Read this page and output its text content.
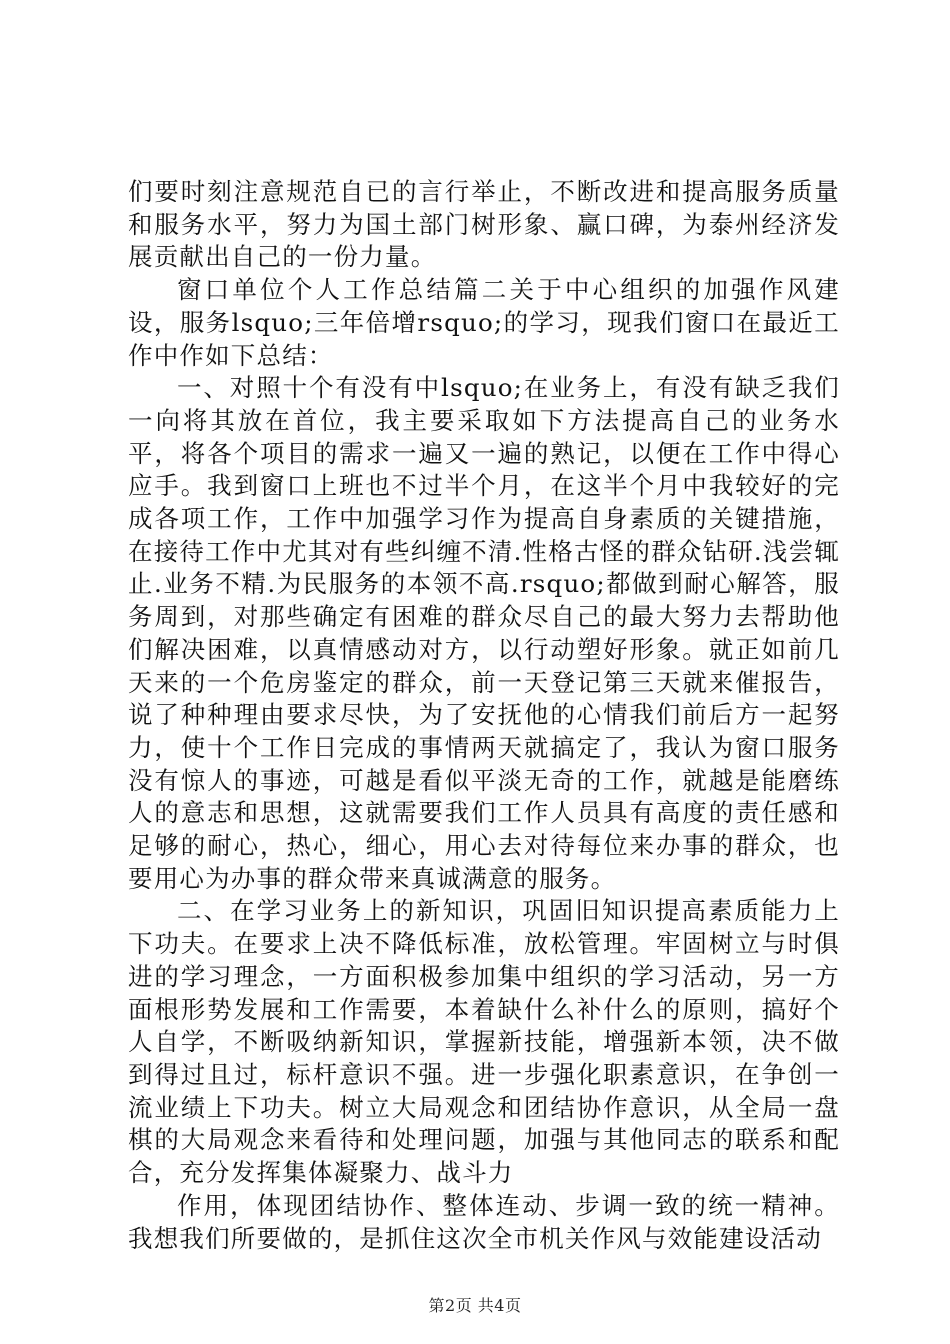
们要时刻注意规范自已的言行举止，不断改进和提高服务质量和服务水平，努力为国土部门树形象、赢口碑，为泰州经济发展贡献出自己的一份力量。

窗口单位个人工作总结篇二关于中心组织的加强作风建设，服务lsquo;三年倍增rsquo;的学习，现我们窗口在最近工作中作如下总结：

一、对照十个有没有中lsquo;在业务上，有没有缺乏我们一向将其放在首位，我主要采取如下方法提高自己的业务水平，将各个项目的需求一遍又一遍的熟记，以便在工作中得心应手。我到窗口上班也不过半个月，在这半个月中我较好的完成各项工作，工作中加强学习作为提高自身素质的关键措施，在接待工作中尤其对有些纠缠不清.性格古怪的群众钻研.浅尝辄止.业务不精.为民服务的本领不高.rsquo;都做到耐心解答，服务周到，对那些确定有困难的群众尽自己的最大努力去帮助他们解决困难，以真情感动对方，以行动塑好形象。就正如前几天来的一个危房鉴定的群众，前一天登记第三天就来催报告，说了种种理由要求尽快，为了安抚他的心情我们前后方一起努力，使十个工作日完成的事情两天就搞定了，我认为窗口服务没有惊人的事迹，可越是看似平淡无奇的工作，就越是能磨练人的意志和思想，这就需要我们工作人员具有高度的责任感和足够的耐心，热心，细心，用心去对待每位来办事的群众，也要用心为办事的群众带来真诚满意的服务。

二、在学习业务上的新知识，巩固旧知识提高素质能力上下功夫。在要求上决不降低标准，放松管理。牢固树立与时俱进的学习理念，一方面积极参加集中组织的学习活动，另一方面根形势发展和工作需要，本着缺什么补什么的原则，搞好个人自学，不断吸纳新知识，掌握新技能，增强新本领，决不做到得过且过，标杆意识不强。进一步强化职素意识，在争创一流业绩上下功夫。树立大局观念和团结协作意识，从全局一盘棋的大局观念来看待和处理问题，加强与其他同志的联系和配合，充分发挥集体凝聚力、战斗力

作用，体现团结协作、整体连动、步调一致的统一精神。我想我们所要做的，是抓住这次全市机关作风与效能建设活动

第2页 共4页
